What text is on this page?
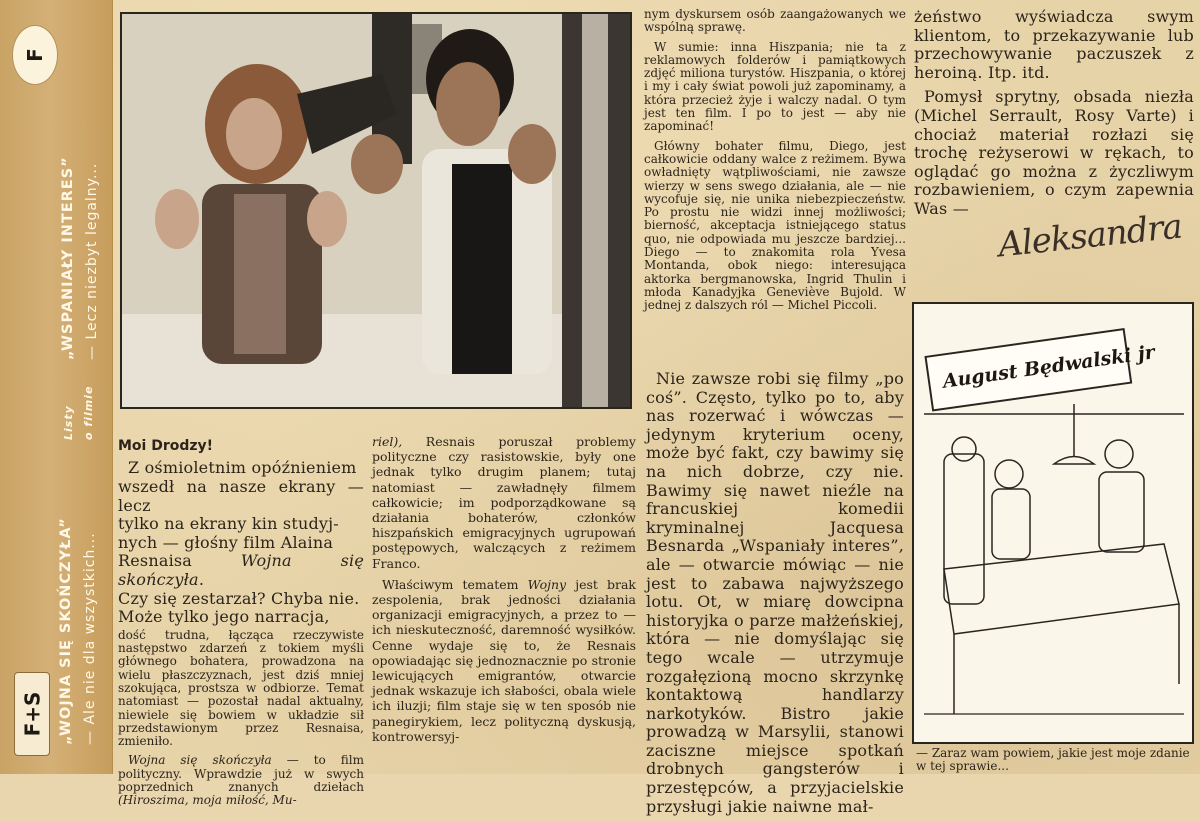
F
„WSPANIAŁY INTERES” — Lecz niezbyt legalny...
Listy o filmie
„WOJNA SIĘ SKOŃCZYŁA” — Ale nie dla wszystkich...
F+S
Moi Drodzy!

Z ośmioletnim opóźnieniem

wszedł na nasze ekrany — lecz

tylko na ekrany kin studyj-

nych — głośny film Alaina

Resnaisa Wojna się skończyła.

Czy się zestarzał? Chyba nie.

Może tylko jego narracja,

dość trudna, łącząca rzeczywiste następstwo zdarzeń z tokiem myśli głównego bohatera, prowadzona na wielu płaszczyznach, jest dziś mniej szokująca, prostsza w odbiorze. Temat natomiast — pozostał nadal aktualny, niewiele się bowiem w układzie sił przedstawionym przez Resnaisa, zmieniło.

Wojna się skończyła — to film polityczny. Wprawdzie już w swych poprzednich znanych dziełach (Hiroszima, moja miłość, Mu-

riel), Resnais poruszał problemy polityczne czy rasistowskie, były one jednak tylko drugim planem; tutaj natomiast — zawładnęły filmem całkowicie; im podporządkowane są działania bohaterów, członków hiszpańskich emigracyjnych ugrupowań postępowych, walczących z reżimem Franco.

Właściwym tematem Wojny jest brak zespolenia, brak jedności działania organizacji emigracyjnych, a przez to — ich nieskuteczność, daremność wysiłków. Cenne wydaje się to, że Resnais opowiadając się jednoznacznie po stronie lewicujących emigrantów, otwarcie jednak wskazuje ich słabości, obala wiele ich iluzji; film staje się w ten sposób nie panegirykiem, lecz polityczną dyskusją, kontrowersyj-

nym dyskursem osób zaangażowanych we wspólną sprawę.

W sumie: inna Hiszpania; nie ta z reklamowych folderów i pamiątkowych zdjęć miliona turystów. Hiszpania, o której i my i cały świat powoli już zapominamy, a która przecież żyje i walczy nadal. O tym jest ten film. I po to jest — aby nie zapominać!

Główny bohater filmu, Diego, jest całkowicie oddany walce z reżimem. Bywa owładnięty wątpliwościami, nie zawsze wierzy w sens swego działania, ale — nie wycofuje się, nie unika niebezpieczeństw. Po prostu nie widzi innej możliwości; bierność, akceptacja istniejącego status quo, nie odpowiada mu jeszcze bardziej... Diego — to znakomita rola Yvesa Montanda, obok niego: interesująca aktorka bergmanowska, Ingrid Thulin i młoda Kanadyjka Geneviève Bujold. W jednej z dalszych ról — Michel Piccoli.

Nie zawsze robi się filmy „po coś”. Często, tylko po to, aby nas rozerwać i wówczas — jedynym kryterium oceny, może być fakt, czy bawimy się na nich dobrze, czy nie. Bawimy się nawet nieźle na francuskiej komedii kryminalnej Jacquesa Besnarda „Wspaniały interes”, ale — otwarcie mówiąc — nie jest to zabawa najwyższego lotu. Ot, w miarę dowcipna historyjka o parze małżeńskiej, która — nie domyślając się tego wcale — utrzymuje rozgałęzioną mocno skrzynkę kontaktową handlarzy narkotyków. Bistro jakie prowadzą w Marsylii, stanowi zaciszne miejsce spotkań drobnych gangsterów i przestępców, a przyjacielskie przysługi jakie naiwne mał-

żeństwo wyświadcza swym klientom, to przekazywanie lub przechowywanie paczuszek z heroiną. Itp. itd.

Pomysł sprytny, obsada niezła (Michel Serrault, Rosy Varte) i chociaż materiał rozłazi się trochę reżyserowi w rękach, to oglądać go można z życzliwym rozbawieniem, o czym zapewnia Was — Aleksandra
August Będwalski jr
— Zaraz wam powiem, jakie jest moje zdanie w tej sprawie...
